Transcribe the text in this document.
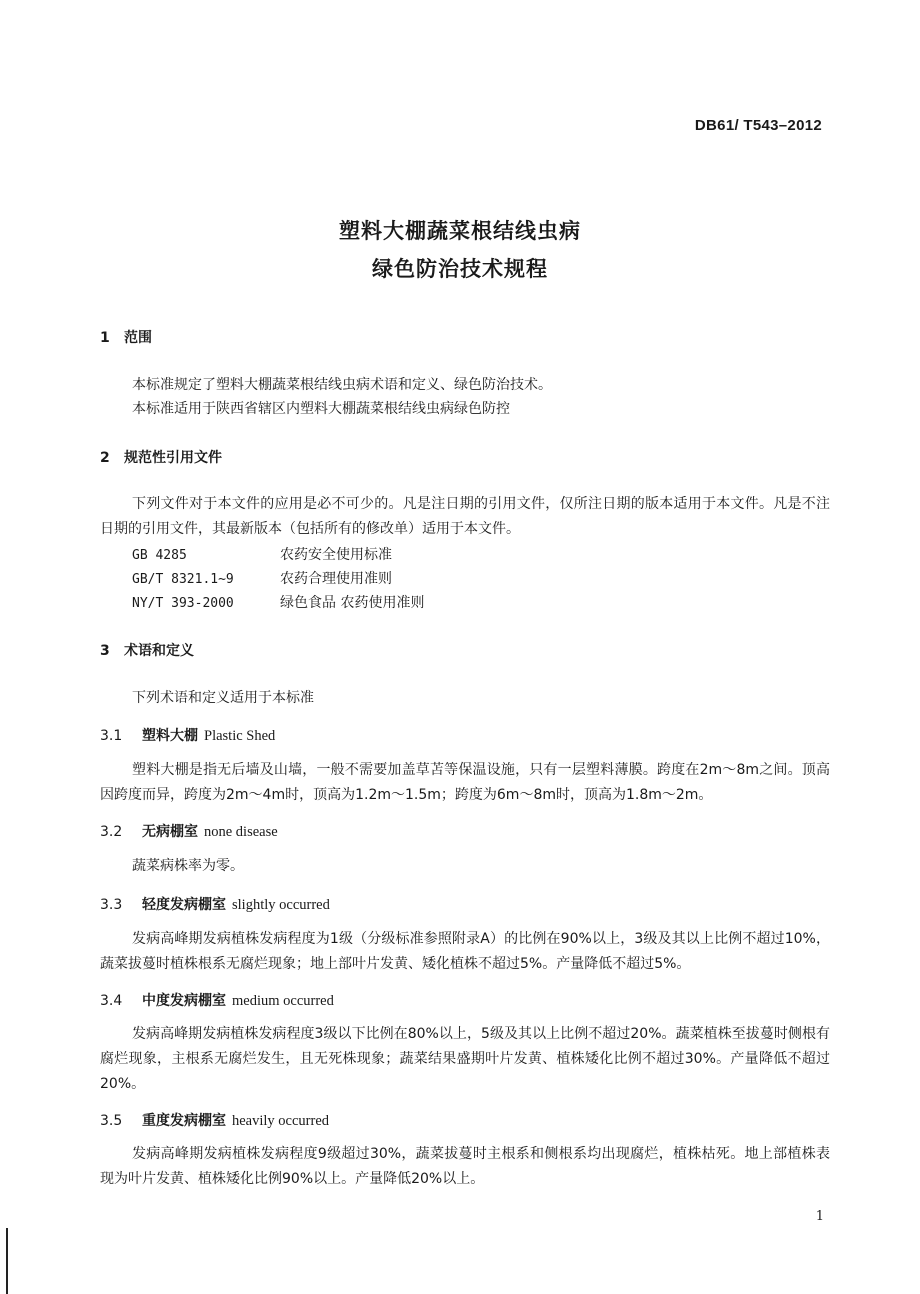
DB61/ T543–2012
塑料大棚蔬菜根结线虫病
绿色防治技术规程
1 范围
本标准规定了塑料大棚蔬菜根结线虫病术语和定义、绿色防治技术。
本标准适用于陕西省辖区内塑料大棚蔬菜根结线虫病绿色防控
2 规范性引用文件
下列文件对于本文件的应用是必不可少的。凡是注日期的引用文件，仅所注日期的版本适用于本文件。凡是不注日期的引用文件，其最新版本（包括所有的修改单）适用于本文件。
GB 4285	农药安全使用标准
GB/T 8321.1~9	农药合理使用准则
NY/T 393-2000	绿色食品 农药使用准则
3 术语和定义
下列术语和定义适用于本标准
3.1 塑料大棚 Plastic Shed
塑料大棚是指无后墙及山墙，一般不需要加盖草苫等保温设施，只有一层塑料薄膜。跨度在2m～8m之间。顶高因跨度而异，跨度为2m～4m时，顶高为1.2m～1.5m；跨度为6m～8m时，顶高为1.8m～2m。
3.2 无病棚室 none disease
蔬菜病株率为零。
3.3 轻度发病棚室 slightly occurred
发病高峰期发病植株发病程度为1级（分级标准参照附录A）的比例在90%以上，3级及其以上比例不超过10%，蔬菜拔蔓时植株根系无腐烂现象；地上部叶片发黄、矮化植株不超过5%。产量降低不超过5%。
3.4 中度发病棚室 medium occurred
发病高峰期发病植株发病程度3级以下比例在80%以上，5级及其以上比例不超过20%。蔬菜植株至拔蔓时侧根有腐烂现象，主根系无腐烂发生，且无死株现象；蔬菜结果盛期叶片发黄、植株矮化比例不超过30%。产量降低不超过20%。
3.5 重度发病棚室 heavily occurred
发病高峰期发病植株发病程度9级超过30%，蔬菜拔蔓时主根系和侧根系均出现腐烂，植株枯死。地上部植株表现为叶片发黄、植株矮化比例90%以上。产量降低20%以上。
1
